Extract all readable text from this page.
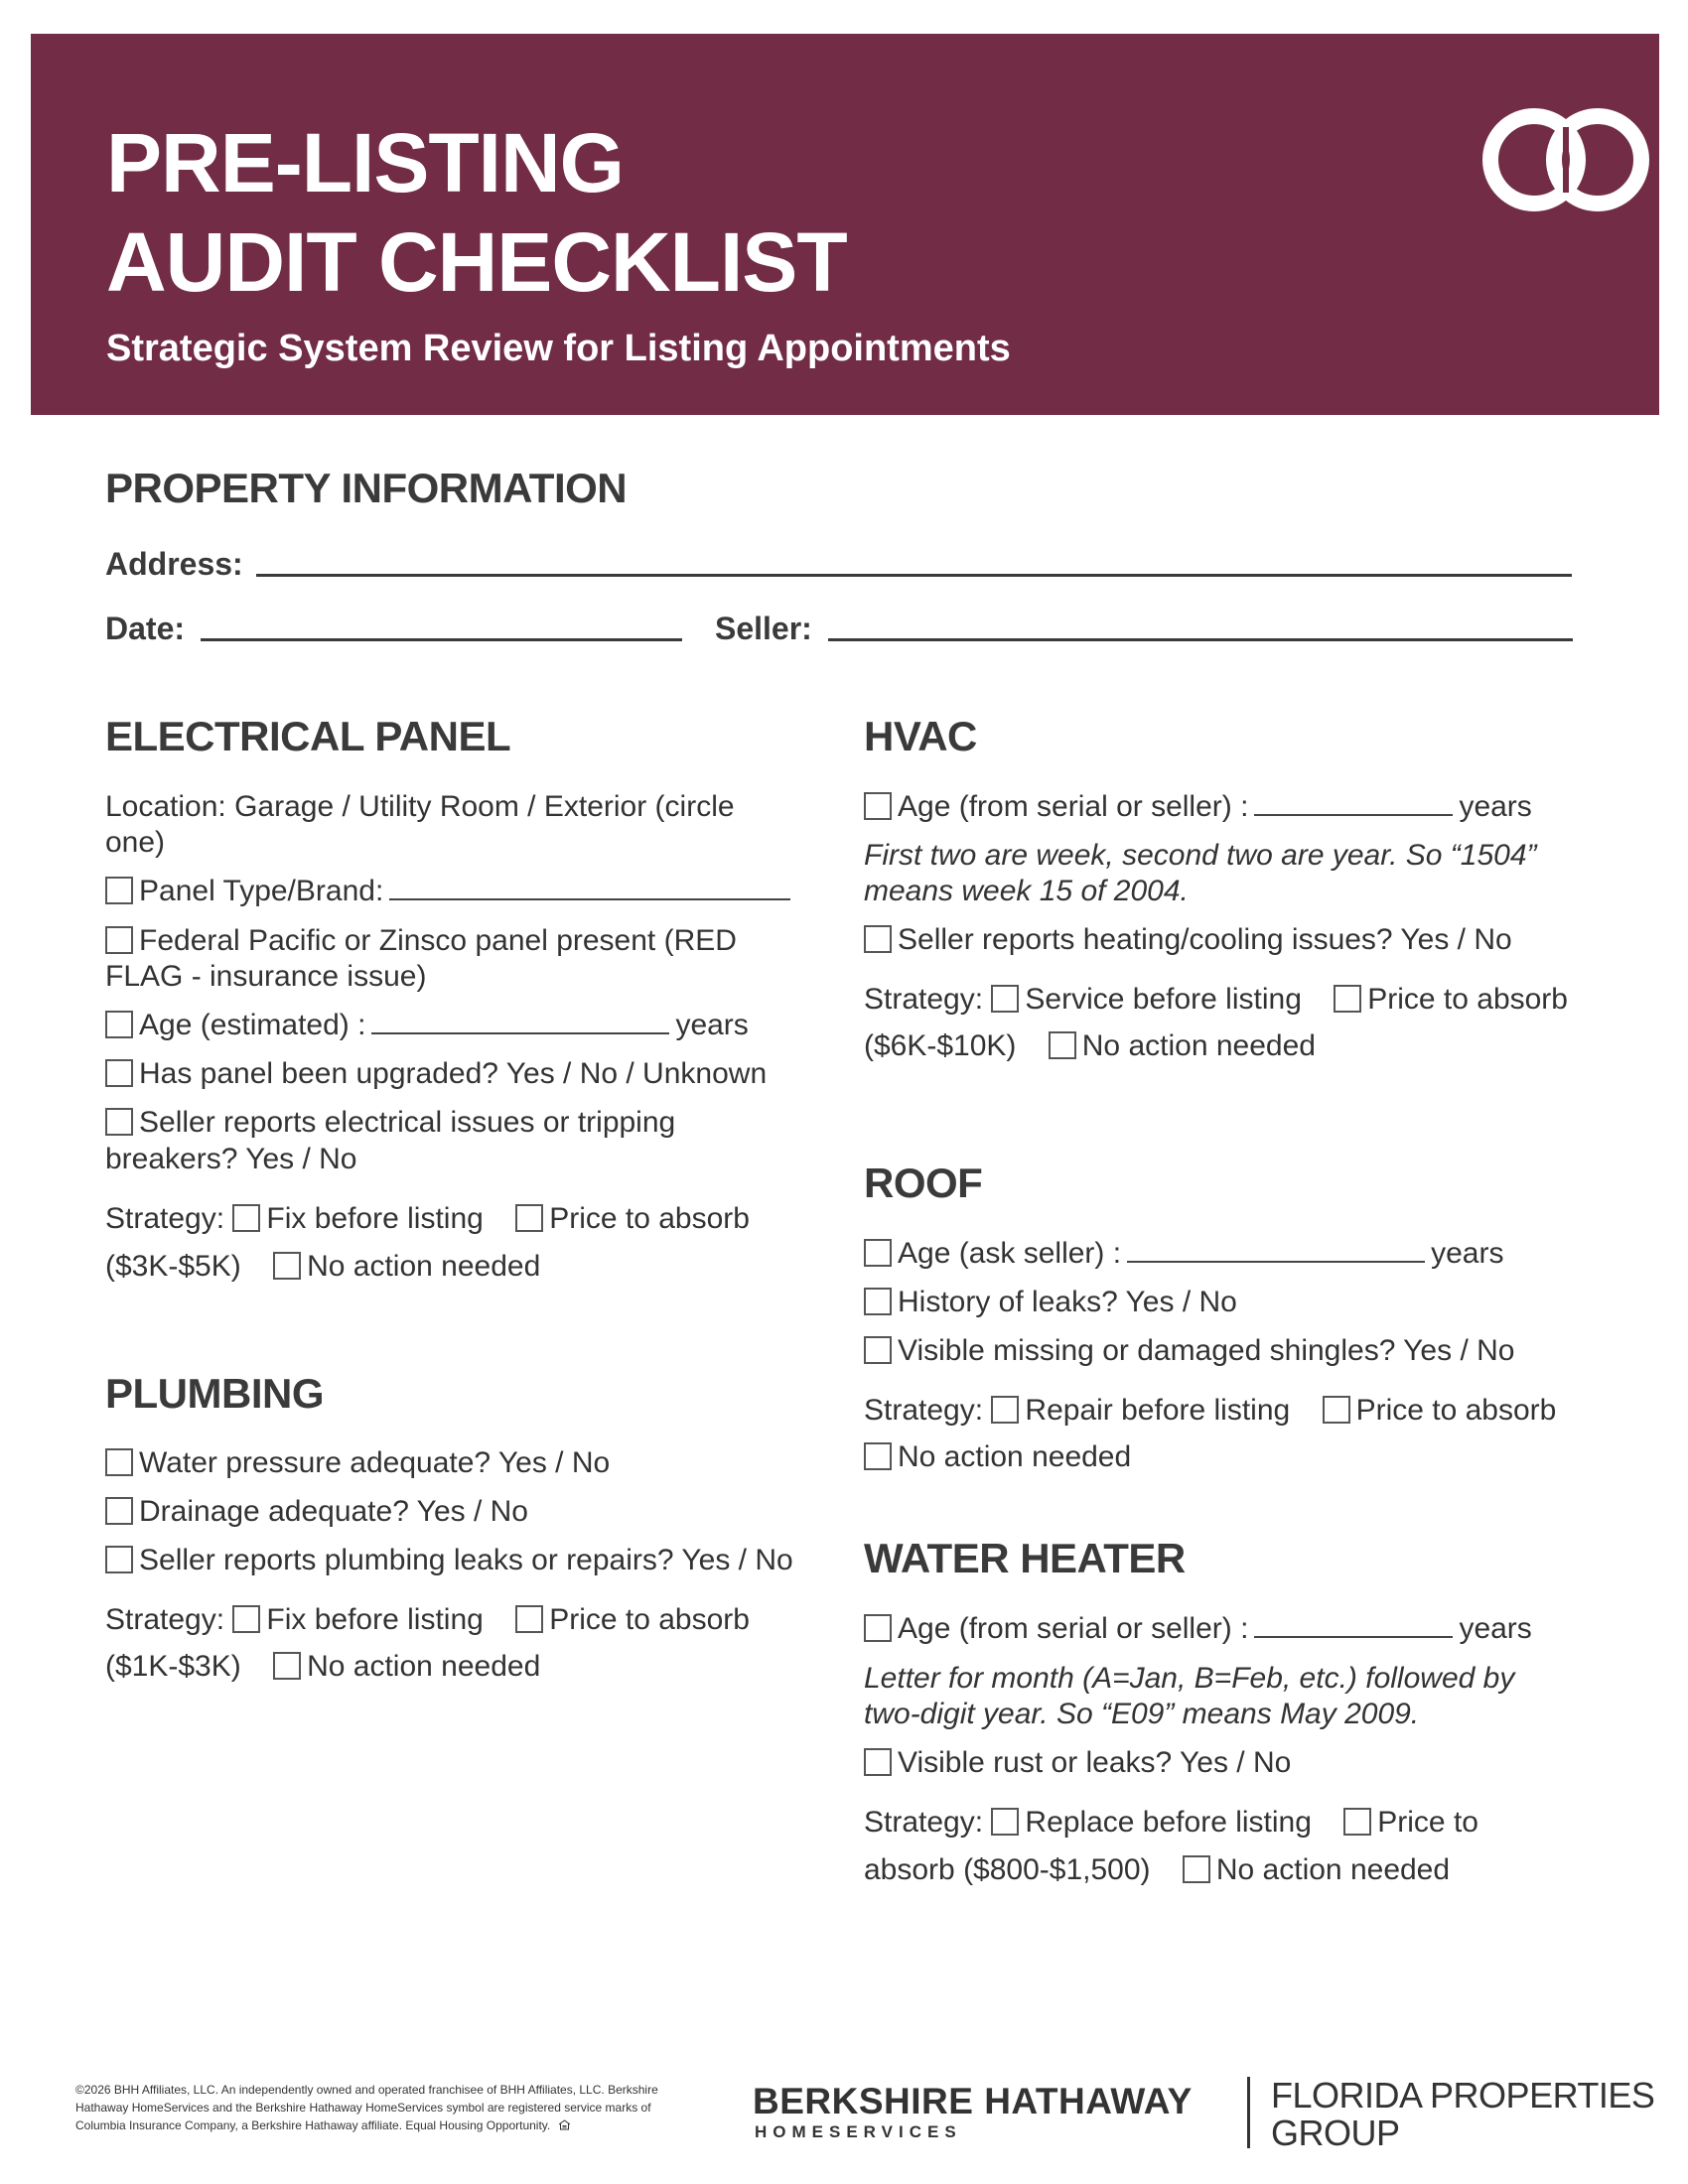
PRE-LISTING
AUDIT CHECKLIST
Strategic System Review for Listing Appointments
PROPERTY INFORMATION
Address:
Date:	Seller:
ELECTRICAL PANEL
Location: Garage / Utility Room / Exterior (circle
one)
Panel Type/Brand:
Federal Pacific or Zinsco panel present (RED
FLAG - insurance issue)
Age (estimated) :	years
Has panel been upgraded? Yes / No / Unknown
Seller reports electrical issues or tripping
breakers? Yes / No
Strategy: Fix before listing Price to absorb
($3K-$5K) No action needed
PLUMBING
Water pressure adequate? Yes / No
Drainage adequate? Yes / No
Seller reports plumbing leaks or repairs? Yes / No
Strategy: Fix before listing Price to absorb
($1K-$3K) No action needed
HVAC
Age (from serial or seller) :	years
First two are week, second two are year. So “1504”
means week 15 of 2004.
Seller reports heating/cooling issues? Yes / No
Strategy: Service before listing Price to absorb
($6K-$10K) No action needed
ROOF
Age (ask seller) :	years
History of leaks? Yes / No
Visible missing or damaged shingles? Yes / No
Strategy: Repair before listing Price to absorb
No action needed
WATER HEATER
Age (from serial or seller) :	years
Letter for month (A=Jan, B=Feb, etc.) followed by
two-digit year. So “E09” means May 2009.
Visible rust or leaks? Yes / No
Strategy: Replace before listing Price to
absorb ($800-$1,500) No action needed
©2026 BHH Affiliates, LLC. An independently owned and operated franchisee of BHH Affiliates, LLC. Berkshire
Hathaway HomeServices and the Berkshire Hathaway HomeServices symbol are registered service marks of
Columbia Insurance Company, a Berkshire Hathaway affiliate. Equal Housing Opportunity.
BERKSHIRE HATHAWAY
HOMESERVICES
FLORIDA PROPERTIES
GROUP
